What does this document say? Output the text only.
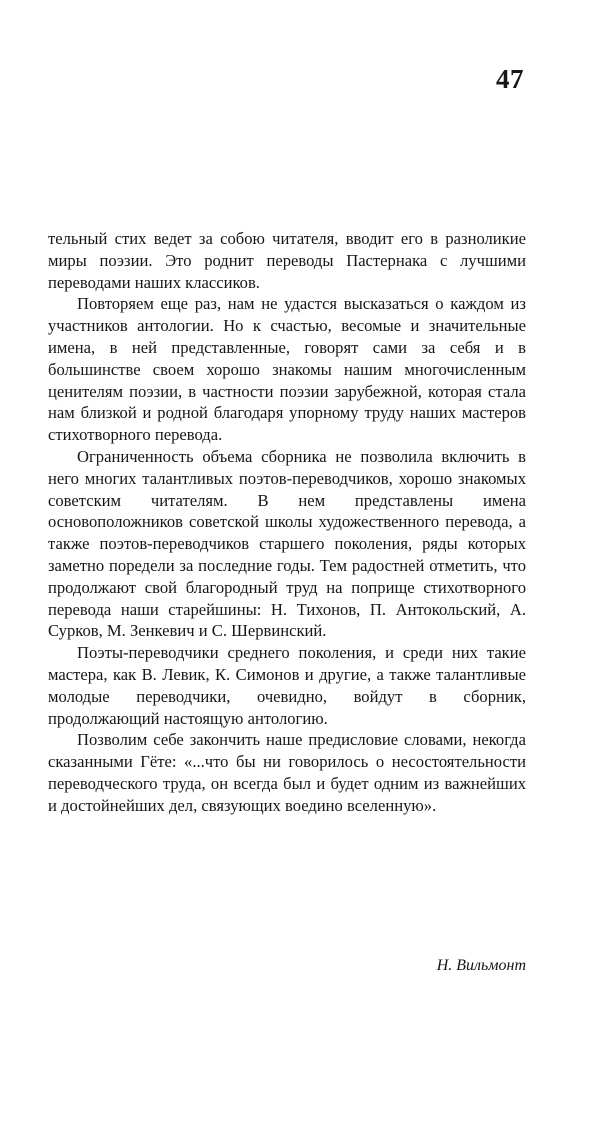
47

тельный стих ведет за собою читателя, вводит его в разноликие миры поэзии. Это роднит переводы Пастернака с лучшими переводами наших классиков.

Повторяем еще раз, нам не удастся высказаться о каждом из участников антологии. Но к счастью, весомые и значительные имена, в ней представленные, говорят сами за себя и в большинстве своем хорошо знакомы нашим многочисленным ценителям поэзии, в частности поэзии зарубежной, которая стала нам близкой и родной благодаря упорному труду наших мастеров стихотворного перевода.

Ограниченность объема сборника не позволила включить в него многих талантливых поэтов-переводчиков, хорошо знакомых советским читателям. В нем представлены имена основоположников советской школы художественного перевода, а также поэтов-переводчиков старшего поколения, ряды которых заметно поредели за последние годы. Тем радостней отметить, что продолжают свой благородный труд на поприще стихотворного перевода наши старейшины: Н. Тихонов, П. Антокольский, А. Сурков, М. Зенкевич и С. Шервинский.

Поэты-переводчики среднего поколения, и среди них такие мастера, как В. Левик, К. Симонов и другие, а также талантливые молодые переводчики, очевидно, войдут в сборник, продолжающий настоящую антологию.

Позволим себе закончить наше предисловие словами, некогда сказанными Гёте: «...что бы ни говорилось о несостоятельности переводческого труда, он всегда был и будет одним из важнейших и достойнейших дел, связующих воедино вселенную».

Н. Вильмонт
